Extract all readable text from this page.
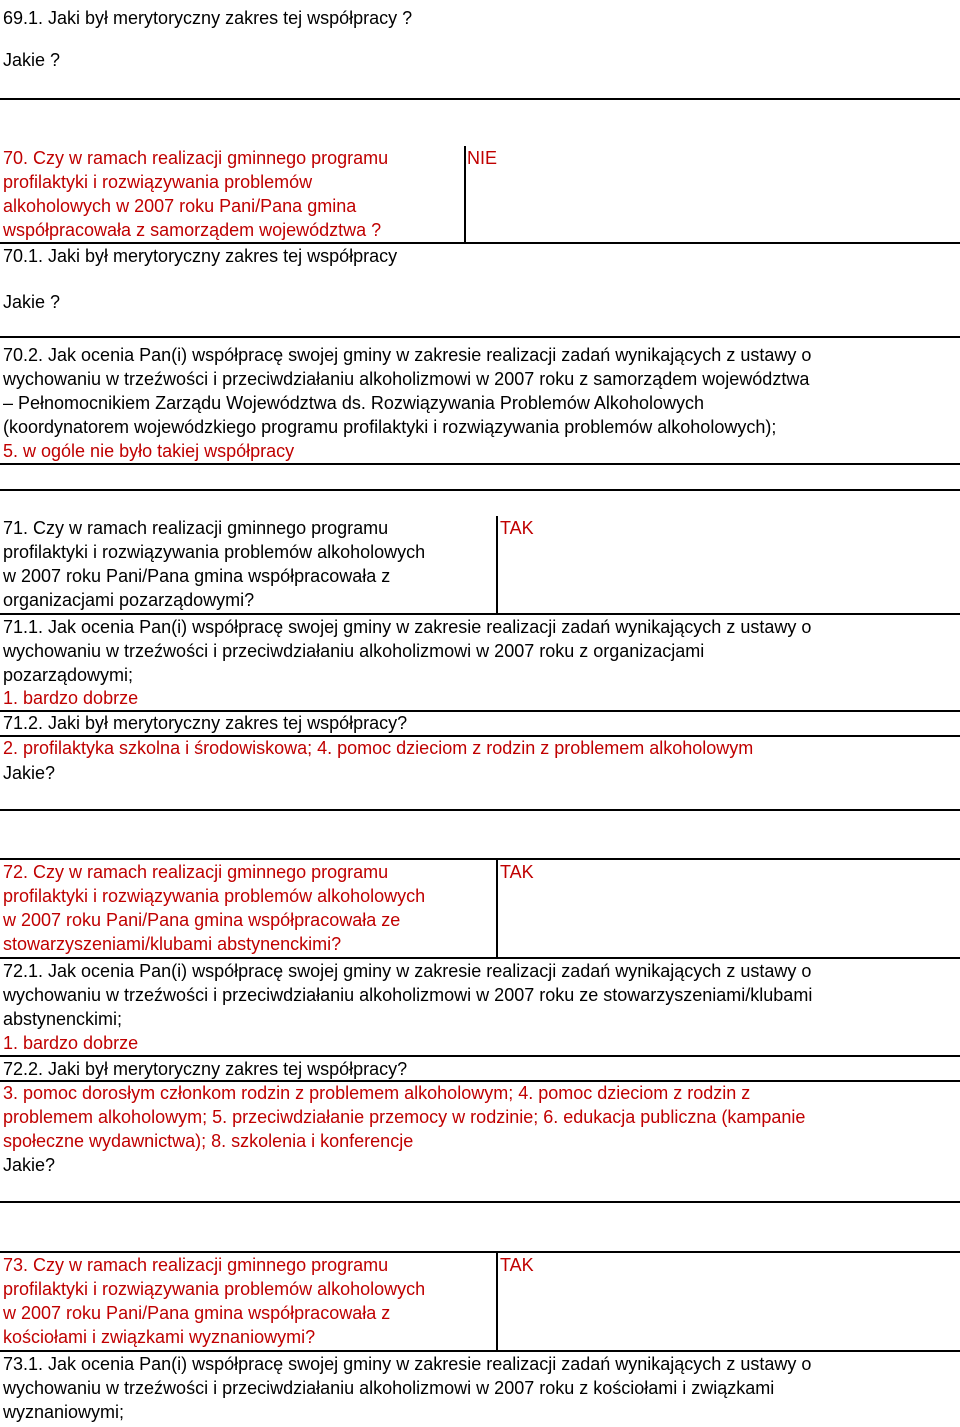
69.1. Jaki był merytoryczny zakres tej współpracy ?
Jakie ?
70. Czy w ramach realizacji gminnego programu
profilaktyki i rozwiązywania problemów
alkoholowych w 2007 roku Pani/Pana gmina
współpracowała z samorządem województwa ?
NIE
70.1. Jaki był merytoryczny zakres tej współpracy
Jakie ?
70.2. Jak ocenia Pan(i) współpracę swojej gminy w zakresie realizacji zadań wynikających z ustawy o
wychowaniu w trzeźwości i przeciwdziałaniu alkoholizmowi w 2007 roku z samorządem województwa
– Pełnomocnikiem Zarządu Województwa ds. Rozwiązywania Problemów Alkoholowych
(koordynatorem wojewódzkiego programu profilaktyki i rozwiązywania problemów alkoholowych);
5. w ogóle nie było takiej współpracy
71. Czy w ramach realizacji gminnego programu
profilaktyki i rozwiązywania problemów alkoholowych
w 2007 roku Pani/Pana gmina współpracowała z
organizacjami pozarządowymi?
TAK
71.1. Jak ocenia Pan(i) współpracę swojej gminy w zakresie realizacji zadań wynikających z ustawy o
wychowaniu w trzeźwości i przeciwdziałaniu alkoholizmowi w 2007 roku z organizacjami
pozarządowymi;
1. bardzo dobrze
71.2. Jaki był merytoryczny zakres tej współpracy?
2. profilaktyka szkolna i środowiskowa; 4. pomoc dzieciom z rodzin z problemem alkoholowym
Jakie?
72. Czy w ramach realizacji gminnego programu
profilaktyki i rozwiązywania problemów alkoholowych
w 2007 roku Pani/Pana gmina współpracowała ze
stowarzyszeniami/klubami abstynenckimi?
TAK
72.1. Jak ocenia Pan(i) współpracę swojej gminy w zakresie realizacji zadań wynikających z ustawy o
wychowaniu w trzeźwości i przeciwdziałaniu alkoholizmowi w 2007 roku ze stowarzyszeniami/klubami
abstynenckimi;
1. bardzo dobrze
72.2. Jaki był merytoryczny zakres tej współpracy?
3. pomoc dorosłym członkom rodzin z problemem alkoholowym; 4. pomoc dzieciom z rodzin z
problemem alkoholowym; 5. przeciwdziałanie przemocy w rodzinie; 6. edukacja publiczna (kampanie
społeczne wydawnictwa); 8. szkolenia i konferencje
Jakie?
73. Czy w ramach realizacji gminnego programu
profilaktyki i rozwiązywania problemów alkoholowych
w 2007 roku Pani/Pana gmina współpracowała z
kościołami i związkami wyznaniowymi?
TAK
73.1. Jak ocenia Pan(i) współpracę swojej gminy w zakresie realizacji zadań wynikających z ustawy o
wychowaniu w trzeźwości i przeciwdziałaniu alkoholizmowi w 2007 roku z kościołami i związkami
wyznaniowymi;
